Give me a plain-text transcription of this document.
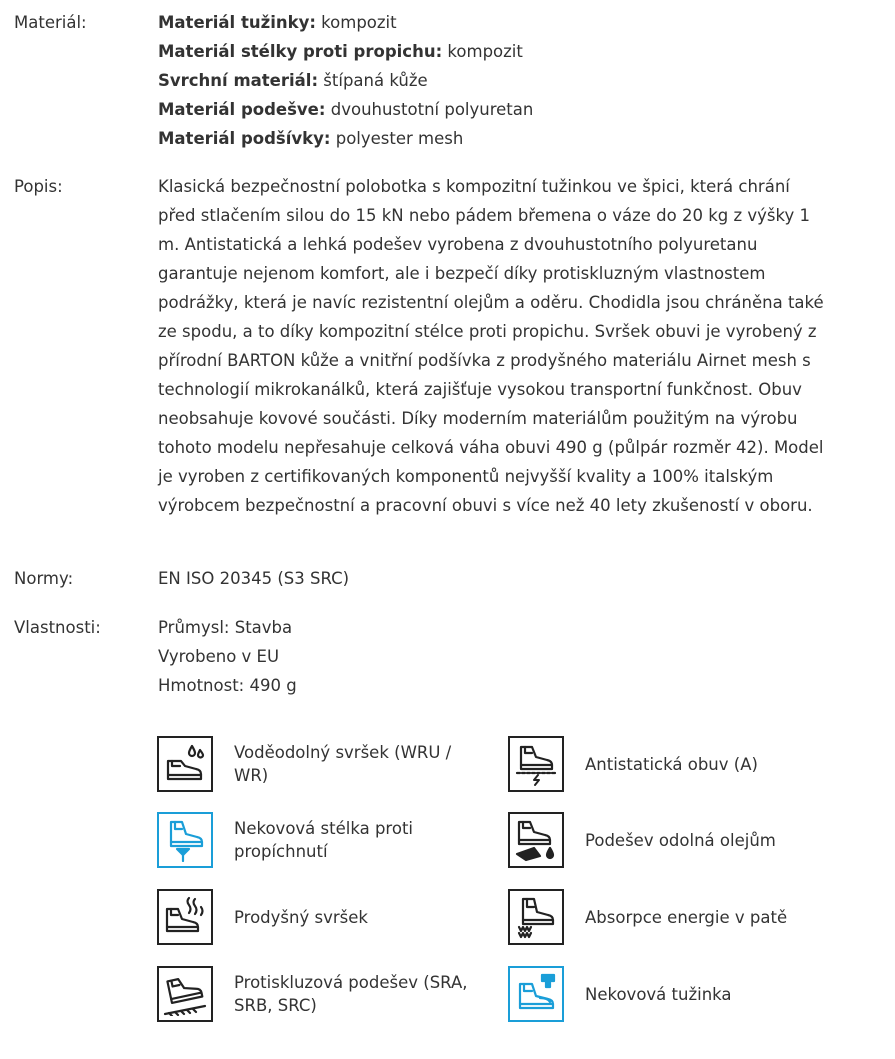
Materiál:	Materiál tužinky: kompozit
Materiál stélky proti propichu: kompozit
Svrchní materiál: štípaná kůže
Materiál podešve: dvouhustotní polyuretan
Materiál podšívky: polyester mesh
Popis:	Klasická bezpečnostní polobotka s kompozitní tužinkou ve špici, která chrání před stlačením silou do 15 kN nebo pádem břemena o váze do 20 kg z výšky 1 m. Antistatická a lehká podešev vyrobena z dvouhustotního polyuretanu garantuje nejenom komfort, ale i bezpečí díky protiskluzným vlastnostem podrážky, která je navíc rezistentní olejům a oděru. Chodidla jsou chráněna také ze spodu, a to díky kompozitní stélce proti propichu. Svršek obuvi je vyrobený z přírodní BARTON kůže a vnitřní podšívka z prodyšného materiálu Airnet mesh s technologií mikrokanálků, která zajišťuje vysokou transportní funkčnost. Obuv neobsahuje kovové součásti. Díky moderním materiálům použitým na výrobu tohoto modelu nepřesahuje celková váha obuvi 490 g (půlpár rozměr 42). Model je vyroben z certifikovaných komponentů nejvyšší kvality a 100% italským výrobcem bezpečnostní a pracovní obuvi s více než 40 lety zkušeností v oboru.
Normy:	EN ISO 20345 (S3 SRC)
Vlastnosti:	Průmysl: Stavba
Vyrobeno v EU
Hmotnost: 490 g
Voděodolný svršek (WRU / WR)
Antistatická obuv (A)
Nekovová stélka proti propíchnutí
Podešev odolná olejům
Prodyšný svršek	Absorpce energie v patě
Protiskluzová podešev (SRA, SRB, SRC)
Nekovová tužinka
